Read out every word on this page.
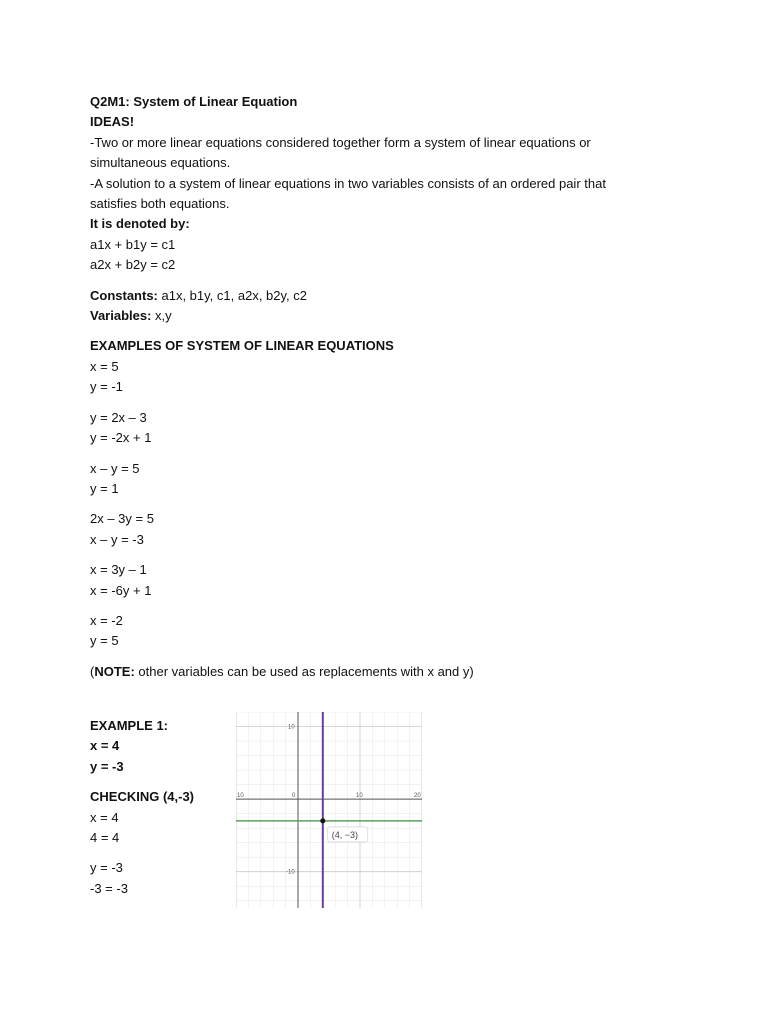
Q2M1: System of Linear Equation
IDEAS!
-Two or more linear equations considered together form a system of linear equations or
simultaneous equations.
-A solution to a system of linear equations in two variables consists of an ordered pair that
satisfies both equations.
It is denoted by:
a1x + b1y = c1
a2x + b2y = c2
Constants: a1x, b1y, c1, a2x, b2y, c2
Variables: x,y
EXAMPLES OF SYSTEM OF LINEAR EQUATIONS
x = 5
y = -1
y = 2x – 3
y = -2x + 1
x – y = 5
y = 1
2x – 3y = 5
x – y = -3
x = 3y – 1
x = -6y + 1
x = -2
y = 5
(NOTE: other variables can be used as replacements with x and y)
EXAMPLE 1:
x = 4
y = -3
CHECKING (4,-3)
x = 4
4 = 4
y = -3
-3 = -3
(4, −3)
10	0	10	20
10
-10
